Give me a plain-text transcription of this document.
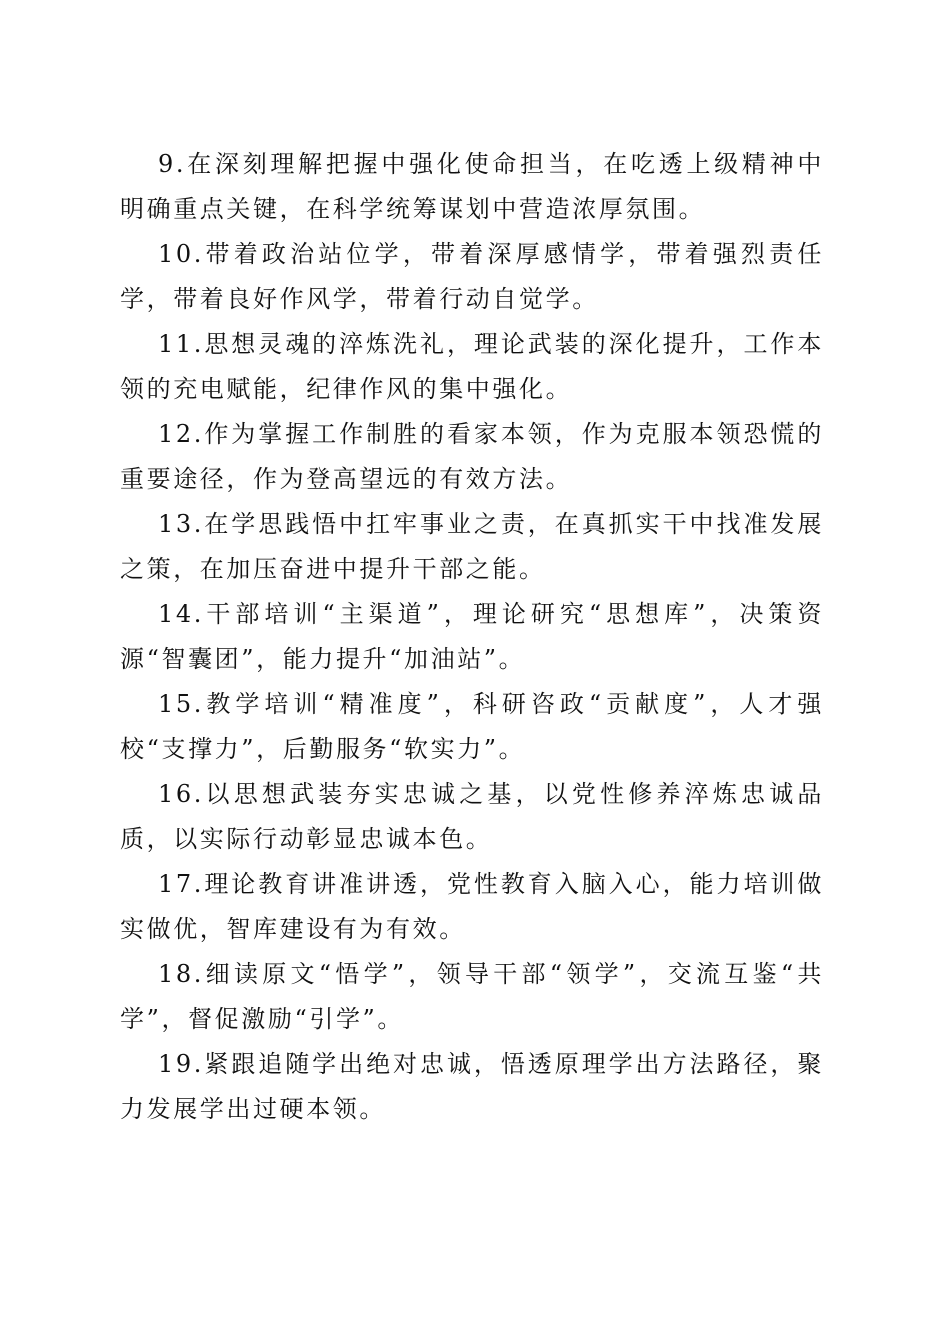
9.在深刻理解把握中强化使命担当，在吃透上级精神中明确重点关键，在科学统筹谋划中营造浓厚氛围。

10.带着政治站位学，带着深厚感情学，带着强烈责任学，带着良好作风学，带着行动自觉学。

11.思想灵魂的淬炼洗礼，理论武装的深化提升，工作本领的充电赋能，纪律作风的集中强化。

12.作为掌握工作制胜的看家本领，作为克服本领恐慌的重要途径，作为登高望远的有效方法。

13.在学思践悟中扛牢事业之责，在真抓实干中找准发展之策，在加压奋进中提升干部之能。

14.干部培训“主渠道”，理论研究“思想库”，决策资源“智囊团”，能力提升“加油站”。

15.教学培训“精准度”，科研咨政“贡献度”，人才强校“支撑力”，后勤服务“软实力”。

16.以思想武装夯实忠诚之基，以党性修养淬炼忠诚品质，以实际行动彰显忠诚本色。

17.理论教育讲准讲透，党性教育入脑入心，能力培训做实做优，智库建设有为有效。

18.细读原文“悟学”，领导干部“领学”，交流互鉴“共学”，督促激励“引学”。

19.紧跟追随学出绝对忠诚，悟透原理学出方法路径，聚力发展学出过硬本领。
